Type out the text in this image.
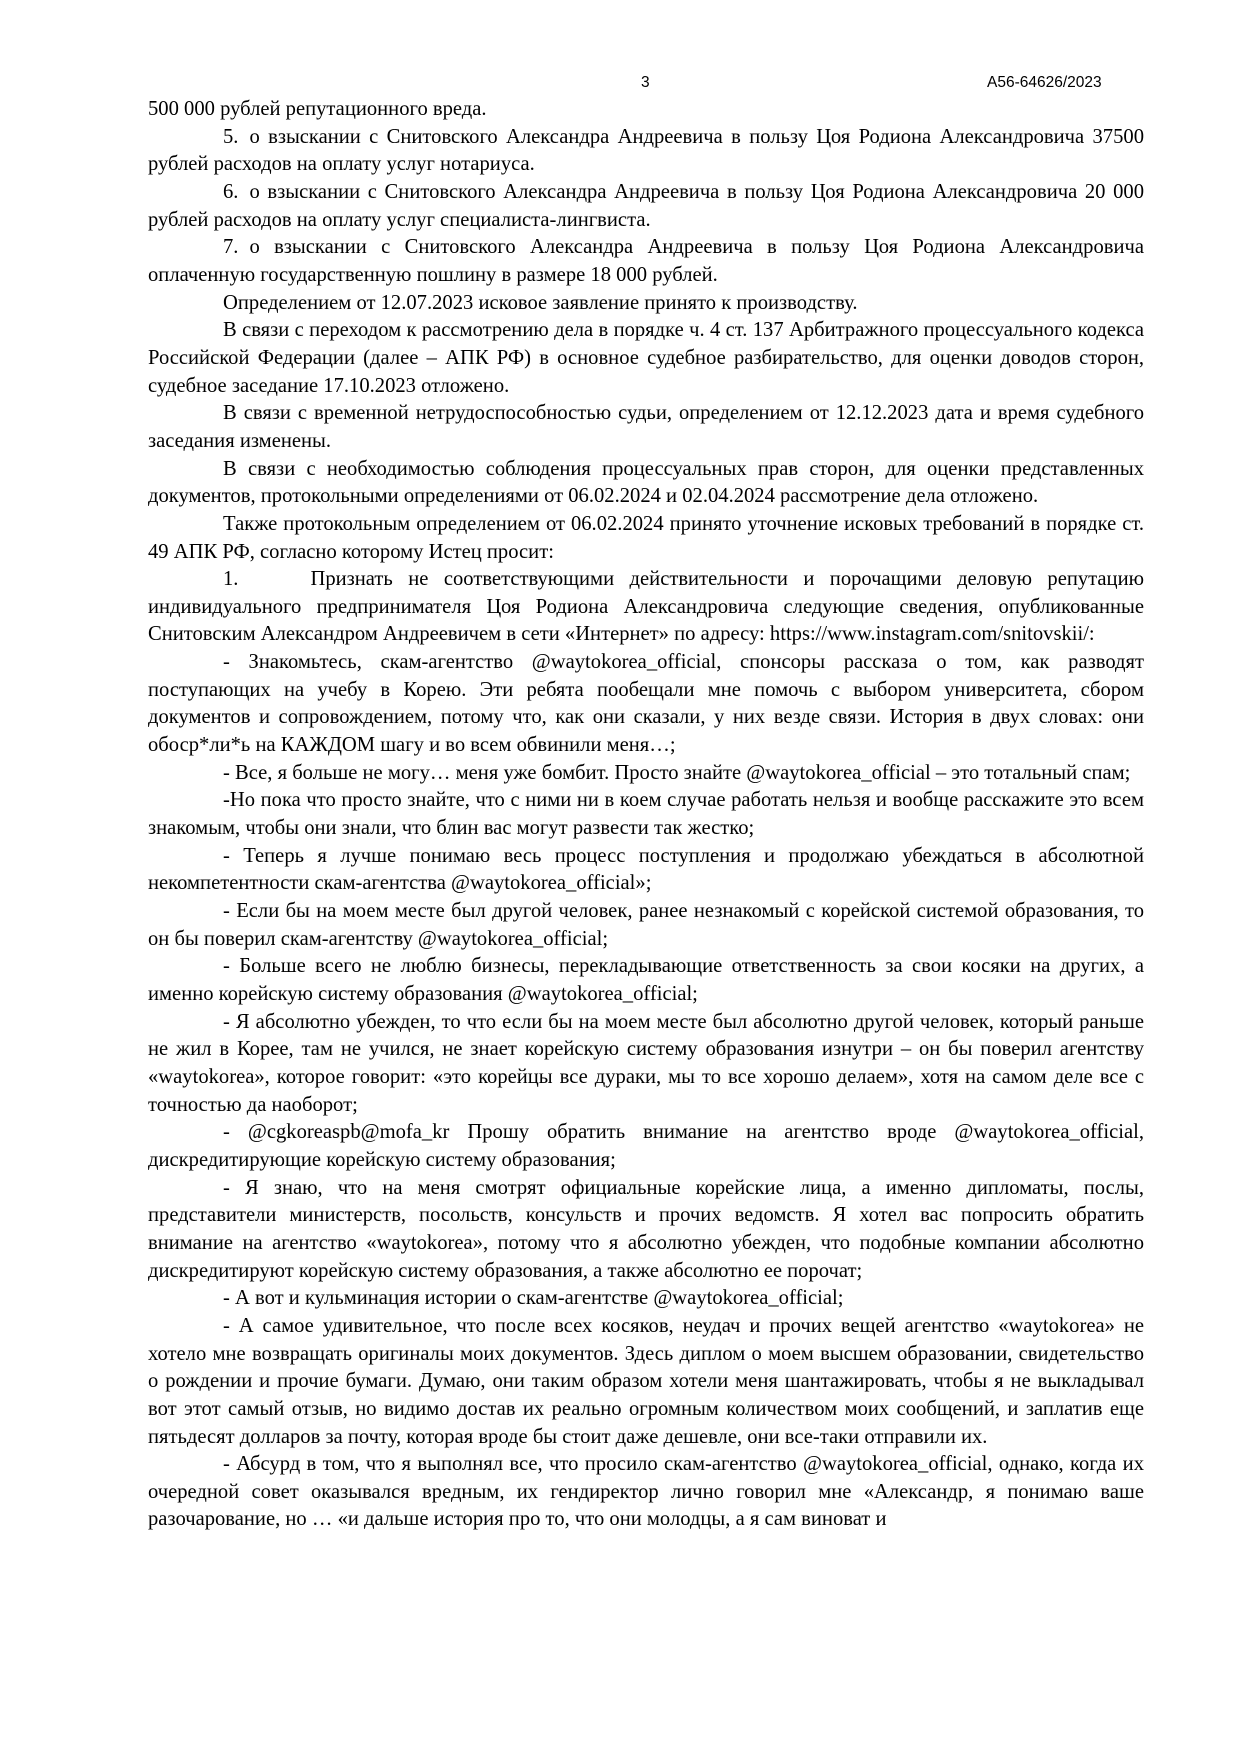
3	А56-64626/2023

500 000 рублей репутационного вреда.

5. о взыскании с Снитовского Александра Андреевича в пользу Цоя Родиона Александровича 37500 рублей расходов на оплату услуг нотариуса.

6. о взыскании с Снитовского Александра Андреевича в пользу Цоя Родиона Александровича 20 000 рублей расходов на оплату услуг специалиста-лингвиста.

7. о взыскании с Снитовского Александра Андреевича в пользу Цоя Родиона Александровича оплаченную государственную пошлину в размере 18 000 рублей.

Определением от 12.07.2023 исковое заявление принято к производству.

В связи с переходом к рассмотрению дела в порядке ч. 4 ст. 137 Арбитражного процессуального кодекса Российской Федерации (далее – АПК РФ) в основное судебное разбирательство, для оценки доводов сторон, судебное заседание 17.10.2023 отложено.

В связи с временной нетрудоспособностью судьи, определением от 12.12.2023 дата и время судебного заседания изменены.

В связи с необходимостью соблюдения процессуальных прав сторон, для оценки представленных документов, протокольными определениями от 06.02.2024 и 02.04.2024 рассмотрение дела отложено.

Также протокольным определением от 06.02.2024 принято уточнение исковых требований в порядке ст. 49 АПК РФ, согласно которому Истец просит:

1.	Признать не соответствующими действительности и порочащими деловую репутацию индивидуального предпринимателя Цоя Родиона Александровича следующие сведения, опубликованные Снитовским Александром Андреевичем в сети «Интернет» по адресу: https://www.instagram.com/snitovskii/:

- Знакомьтесь, скам-агентство @waytokorea_official, спонсоры рассказа о том, как разводят поступающих на учебу в Корею. Эти ребята пообещали мне помочь с выбором университета, сбором документов и сопровождением, потому что, как они сказали, у них везде связи. История в двух словах: они обоср*ли*ь на КАЖДОМ шагу и во всем обвинили меня…;

- Все, я больше не могу… меня уже бомбит. Просто знайте @waytokorea_official – это тотальный спам;

-Но пока что просто знайте, что с ними ни в коем случае работать нельзя и вообще расскажите это всем знакомым, чтобы они знали, что блин вас могут развести так жестко;

- Теперь я лучше понимаю весь процесс поступления и продолжаю убеждаться в абсолютной некомпетентности скам-агентства @waytokorea_official»;

- Если бы на моем месте был другой человек, ранее незнакомый с корейской системой образования, то он бы поверил скам-агентству @waytokorea_official;

- Больше всего не люблю бизнесы, перекладывающие ответственность за свои косяки на других, а именно корейскую систему образования @waytokorea_official;

- Я абсолютно убежден, то что если бы на моем месте был абсолютно другой человек, который раньше не жил в Корее, там не учился, не знает корейскую систему образования изнутри – он бы поверил агентству «waytokorea», которое говорит: «это корейцы все дураки, мы то все хорошо делаем», хотя на самом деле все с точностью да наоборот;

- @cgkoreaspb@mofa_kr Прошу обратить внимание на агентство вроде @waytokorea_official, дискредитирующие корейскую систему образования;

- Я знаю, что на меня смотрят официальные корейские лица, а именно дипломаты, послы, представители министерств, посольств, консульств и прочих ведомств. Я хотел вас попросить обратить внимание на агентство «waytokorea», потому что я абсолютно убежден, что подобные компании абсолютно дискредитируют корейскую систему образования, а также абсолютно ее порочат;

- А вот и кульминация истории о скам-агентстве @waytokorea_official;

- А самое удивительное, что после всех косяков, неудач и прочих вещей агентство «waytokorea» не хотело мне возвращать оригиналы моих документов. Здесь диплом о моем высшем образовании, свидетельство о рождении и прочие бумаги. Думаю, они таким образом хотели меня шантажировать, чтобы я не выкладывал вот этот самый отзыв, но видимо достав их реально огромным количеством моих сообщений, и заплатив еще пятьдесят долларов за почту, которая вроде бы стоит даже дешевле, они все-таки отправили их.

- Абсурд в том, что я выполнял все, что просило скам-агентство @waytokorea_official, однако, когда их очередной совет оказывался вредным, их гендиректор лично говорил мне «Александр, я понимаю ваше разочарование, но … «и дальше история про то, что они молодцы, а я сам виноват и
